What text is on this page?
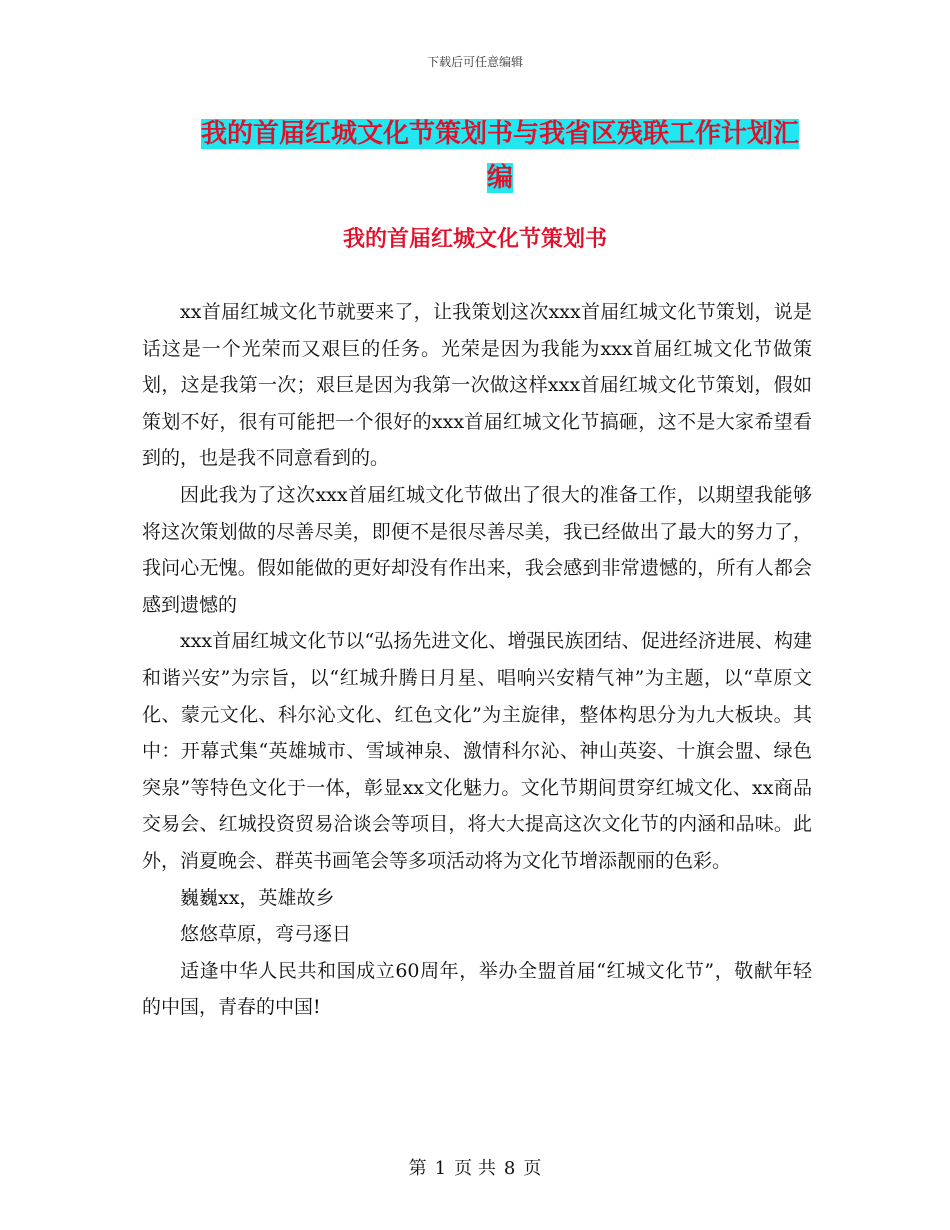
下载后可任意编辑
我的首届红城文化节策划书与我省区残联工作计划汇编
我的首届红城文化节策划书

xx首届红城文化节就要来了，让我策划这次xxx首届红城文化节策划，说是话这是一个光荣而又艰巨的任务。光荣是因为我能为xxx首届红城文化节做策划，这是我第一次；艰巨是因为我第一次做这样xxx首届红城文化节策划，假如策划不好，很有可能把一个很好的xxx首届红城文化节搞砸，这不是大家希望看到的，也是我不同意看到的。

因此我为了这次xxx首届红城文化节做出了很大的准备工作，以期望我能够将这次策划做的尽善尽美，即便不是很尽善尽美，我已经做出了最大的努力了，我问心无愧。假如能做的更好却没有作出来，我会感到非常遗憾的，所有人都会感到遗憾的

xxx首届红城文化节以“弘扬先进文化、增强民族团结、促进经济进展、构建和谐兴安”为宗旨，以“红城升腾日月星、唱响兴安精气神”为主题，以“草原文化、蒙元文化、科尔沁文化、红色文化”为主旋律，整体构思分为九大板块。其中：开幕式集“英雄城市、雪域神泉、激情科尔沁、神山英姿、十旗会盟、绿色突泉”等特色文化于一体，彰显xx文化魅力。文化节期间贯穿红城文化、xx商品交易会、红城投资贸易洽谈会等项目，将大大提高这次文化节的内涵和品味。此外，消夏晚会、群英书画笔会等多项活动将为文化节增添靓丽的色彩。

巍巍xx，英雄故乡

悠悠草原，弯弓逐日

适逢中华人民共和国成立60周年，举办全盟首届“红城文化节”，敬献年轻的中国，青春的中国!

第 1 页 共 8 页
